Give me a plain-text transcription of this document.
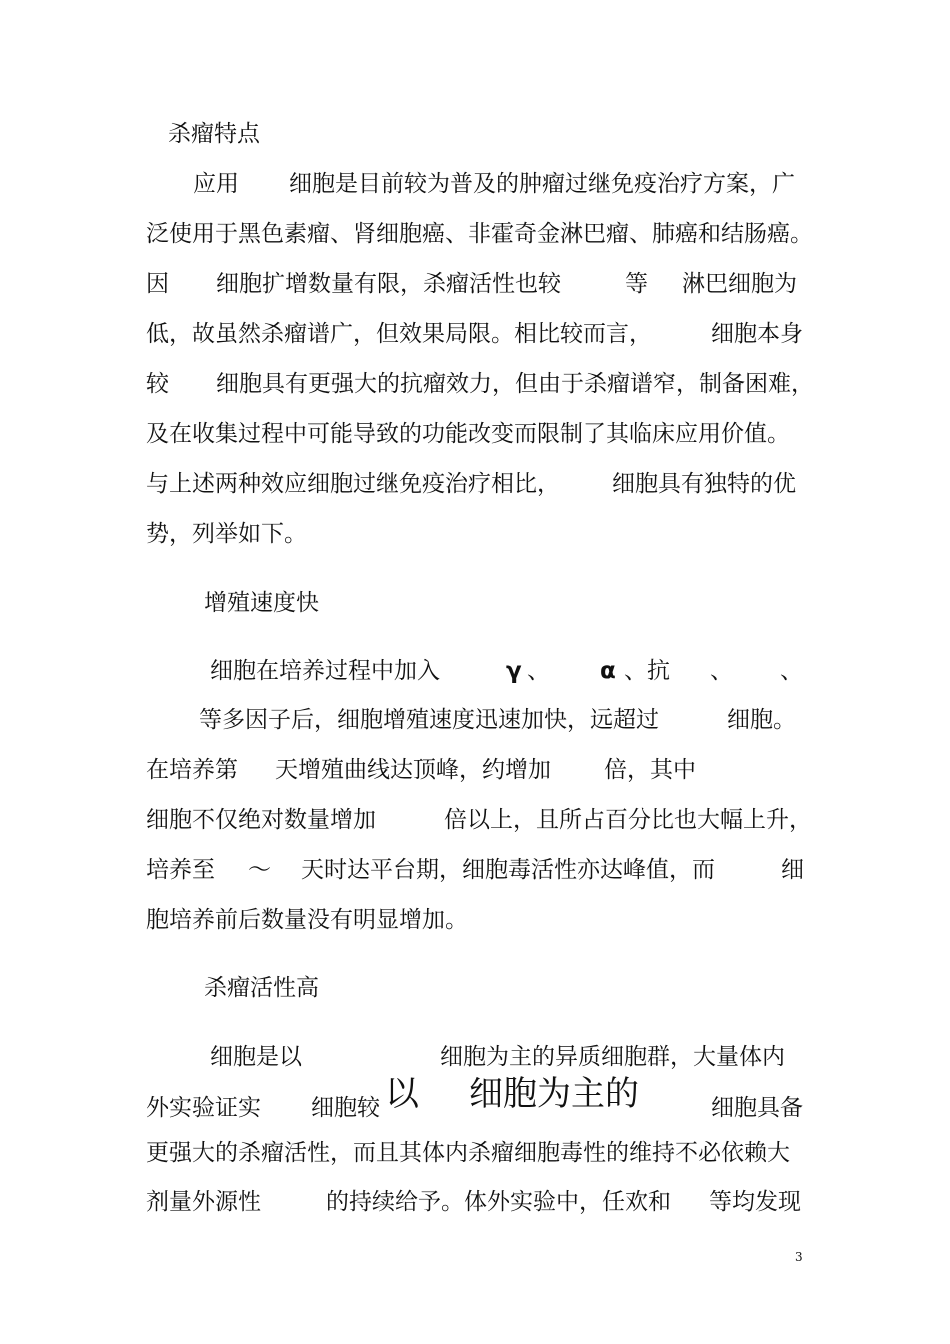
杀瘤特点
应用 细胞是目前较为普及的肿瘤过继免疫治疗方案，广
泛使用于黑色素瘤、肾细胞癌、非霍奇金淋巴瘤、肺癌和结肠癌。
因 细胞扩增数量有限，杀瘤活性也较	等 淋巴细胞为
低，故虽然杀瘤谱广，但效果局限。相比较而言，	细胞本身
较 细胞具有更强大的抗瘤效力，但由于杀瘤谱窄，制备困难，
及在收集过程中可能导致的功能改变而限制了其临床应用价值。
与上述两种效应细胞过继免疫治疗相比， 细胞具有独特的优
势，列举如下。
增殖速度快
细胞在培养过程中加入	γ 、 α 、抗 、 、
等多因子后，细胞增殖速度迅速加快，远超过	细胞。
在培养第 天增殖曲线达顶峰，约增加 倍，其中
细胞不仅绝对数量增加	倍以上，且所占百分比也大幅上升，
培养至 ～ 天时达平台期，细胞毒活性亦达峰值，而	细
胞培养前后数量没有明显增加。
杀瘤活性高
细胞是以	细胞为主的异质细胞群，大量体内
外实验证实 细胞较 以 细胞为主的	细胞具备
更强大的杀瘤活性，而且其体内杀瘤细胞毒性的维持不必依赖大
剂量外源性	的持续给予。体外实验中，任欢和 等均发现
3
